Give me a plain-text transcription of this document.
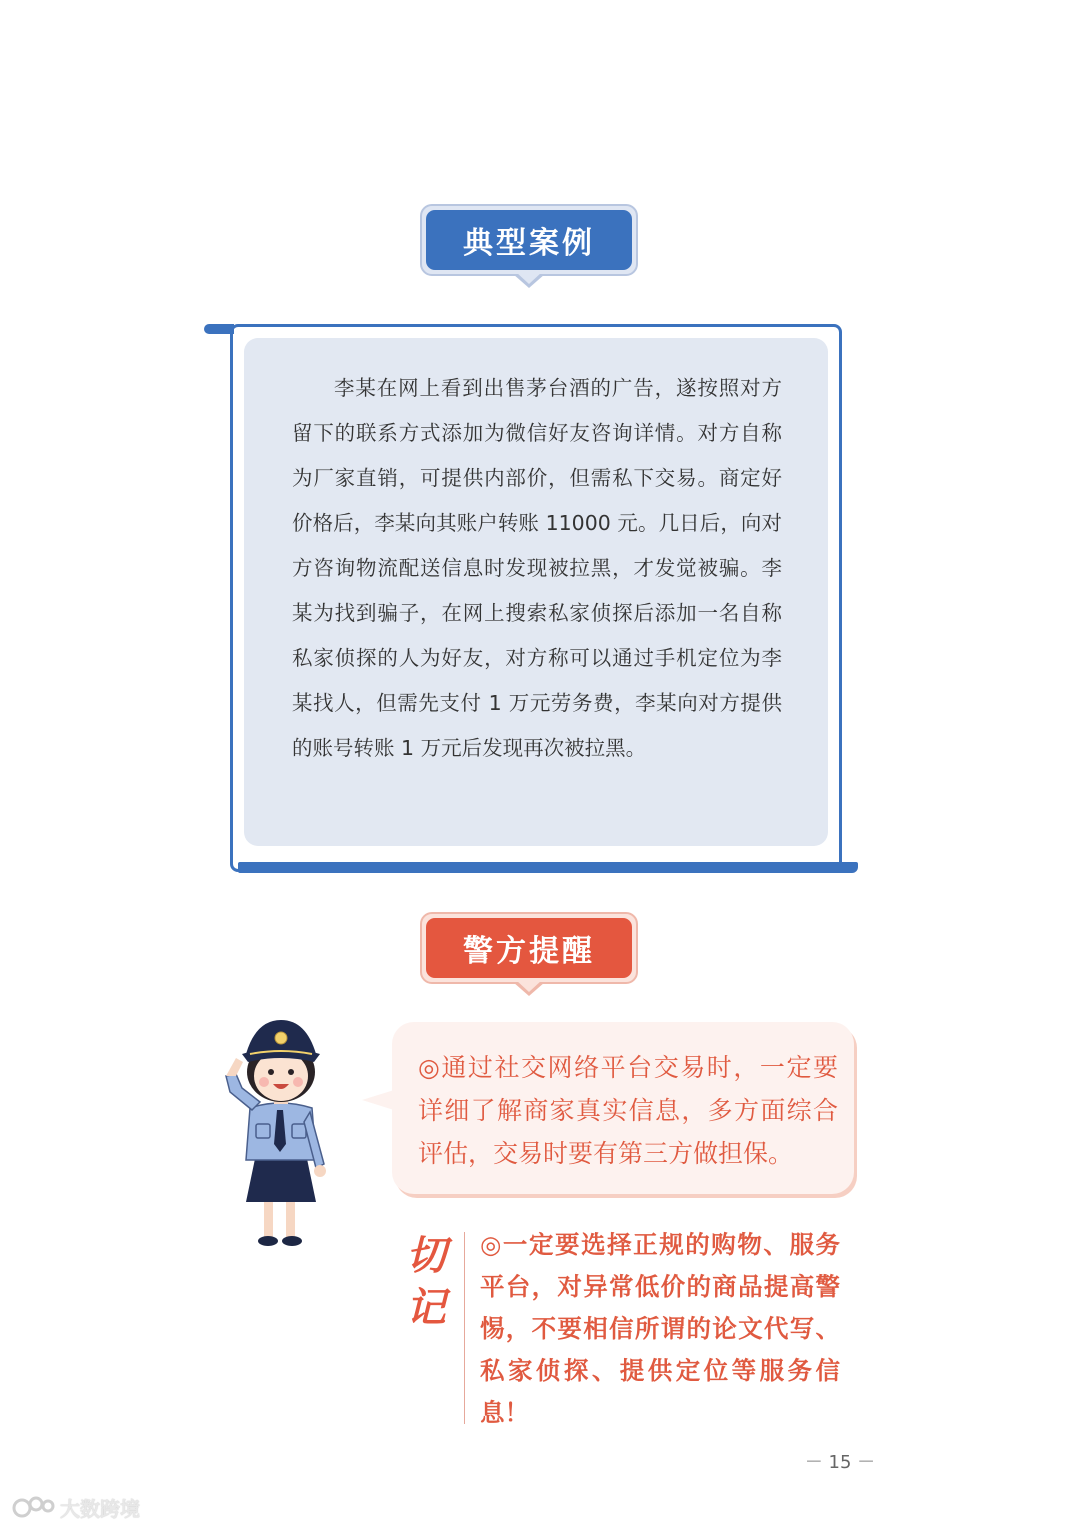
典型案例
李某在网上看到出售茅台酒的广告，遂按照对方留下的联系方式添加为微信好友咨询详情。对方自称为厂家直销，可提供内部价，但需私下交易。商定好价格后，李某向其账户转账 11000 元。几日后，向对方咨询物流配送信息时发现被拉黑，才发觉被骗。李某为找到骗子，在网上搜索私家侦探后添加一名自称私家侦探的人为好友，对方称可以通过手机定位为李某找人，但需先支付 1 万元劳务费，李某向对方提供的账号转账 1 万元后发现再次被拉黑。
警方提醒
◎通过社交网络平台交易时，一定要详细了解商家真实信息，多方面综合评估，交易时要有第三方做担保。
切记
◎一定要选择正规的购物、服务平台，对异常低价的商品提高警惕，不要相信所谓的论文代写、私家侦探、提供定位等服务信息！
－ 15 －
大数跨境
